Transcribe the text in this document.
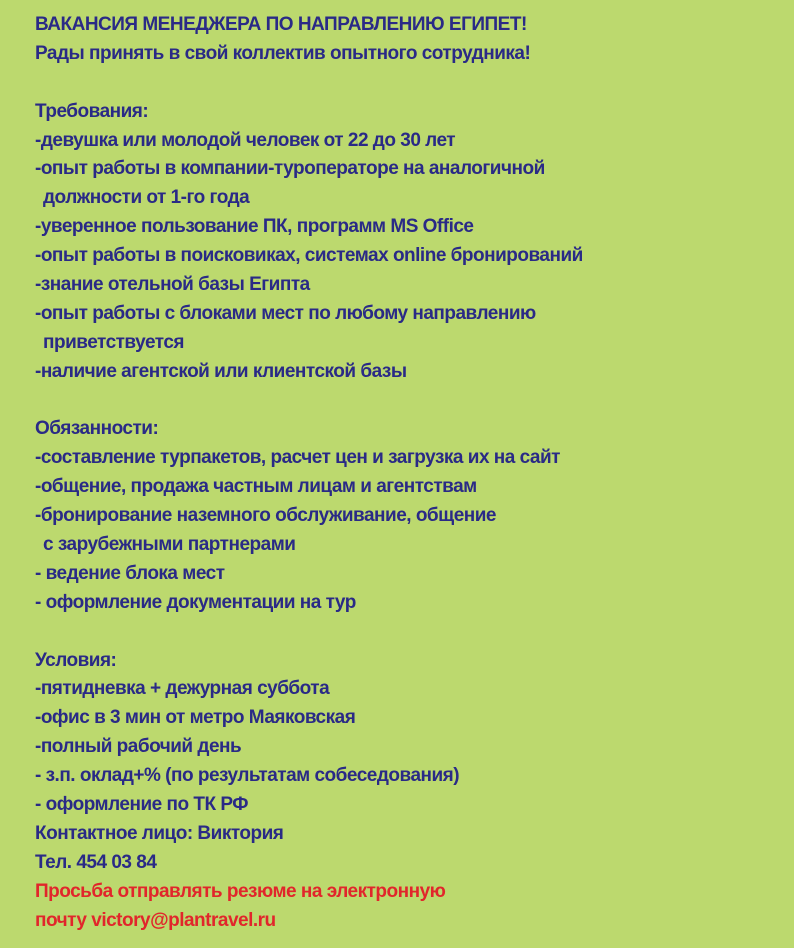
ВАКАНСИЯ МЕНЕДЖЕРА ПО НАПРАВЛЕНИЮ ЕГИПЕТ!
Рады принять в свой коллектив опытного сотрудника!
Требования:
-девушка или молодой человек от 22 до 30 лет
-опыт работы в компании-туроператоре на аналогичной
должности от 1-го года
-уверенное пользование ПК, программ MS Office
-опыт работы в поисковиках, системах online бронирований
-знание отельной базы Египта
-опыт работы с блоками мест по любому направлению
приветствуется
-наличие агентской или клиентской базы
Обязанности:
-составление турпакетов, расчет цен и загрузка их на сайт
-общение, продажа частным лицам и агентствам
-бронирование наземного обслуживание, общение
с зарубежными партнерами
- ведение блока мест
- оформление документации на тур
Условия:
-пятидневка + дежурная суббота
-офис в 3 мин от метро Маяковская
-полный рабочий день
- з.п. оклад+% (по результатам собеседования)
- оформление по ТК РФ
Контактное лицо: Виктория
Тел. 454 03 84
Просьба отправлять резюме на электронную
почту victory@plantravel.ru
